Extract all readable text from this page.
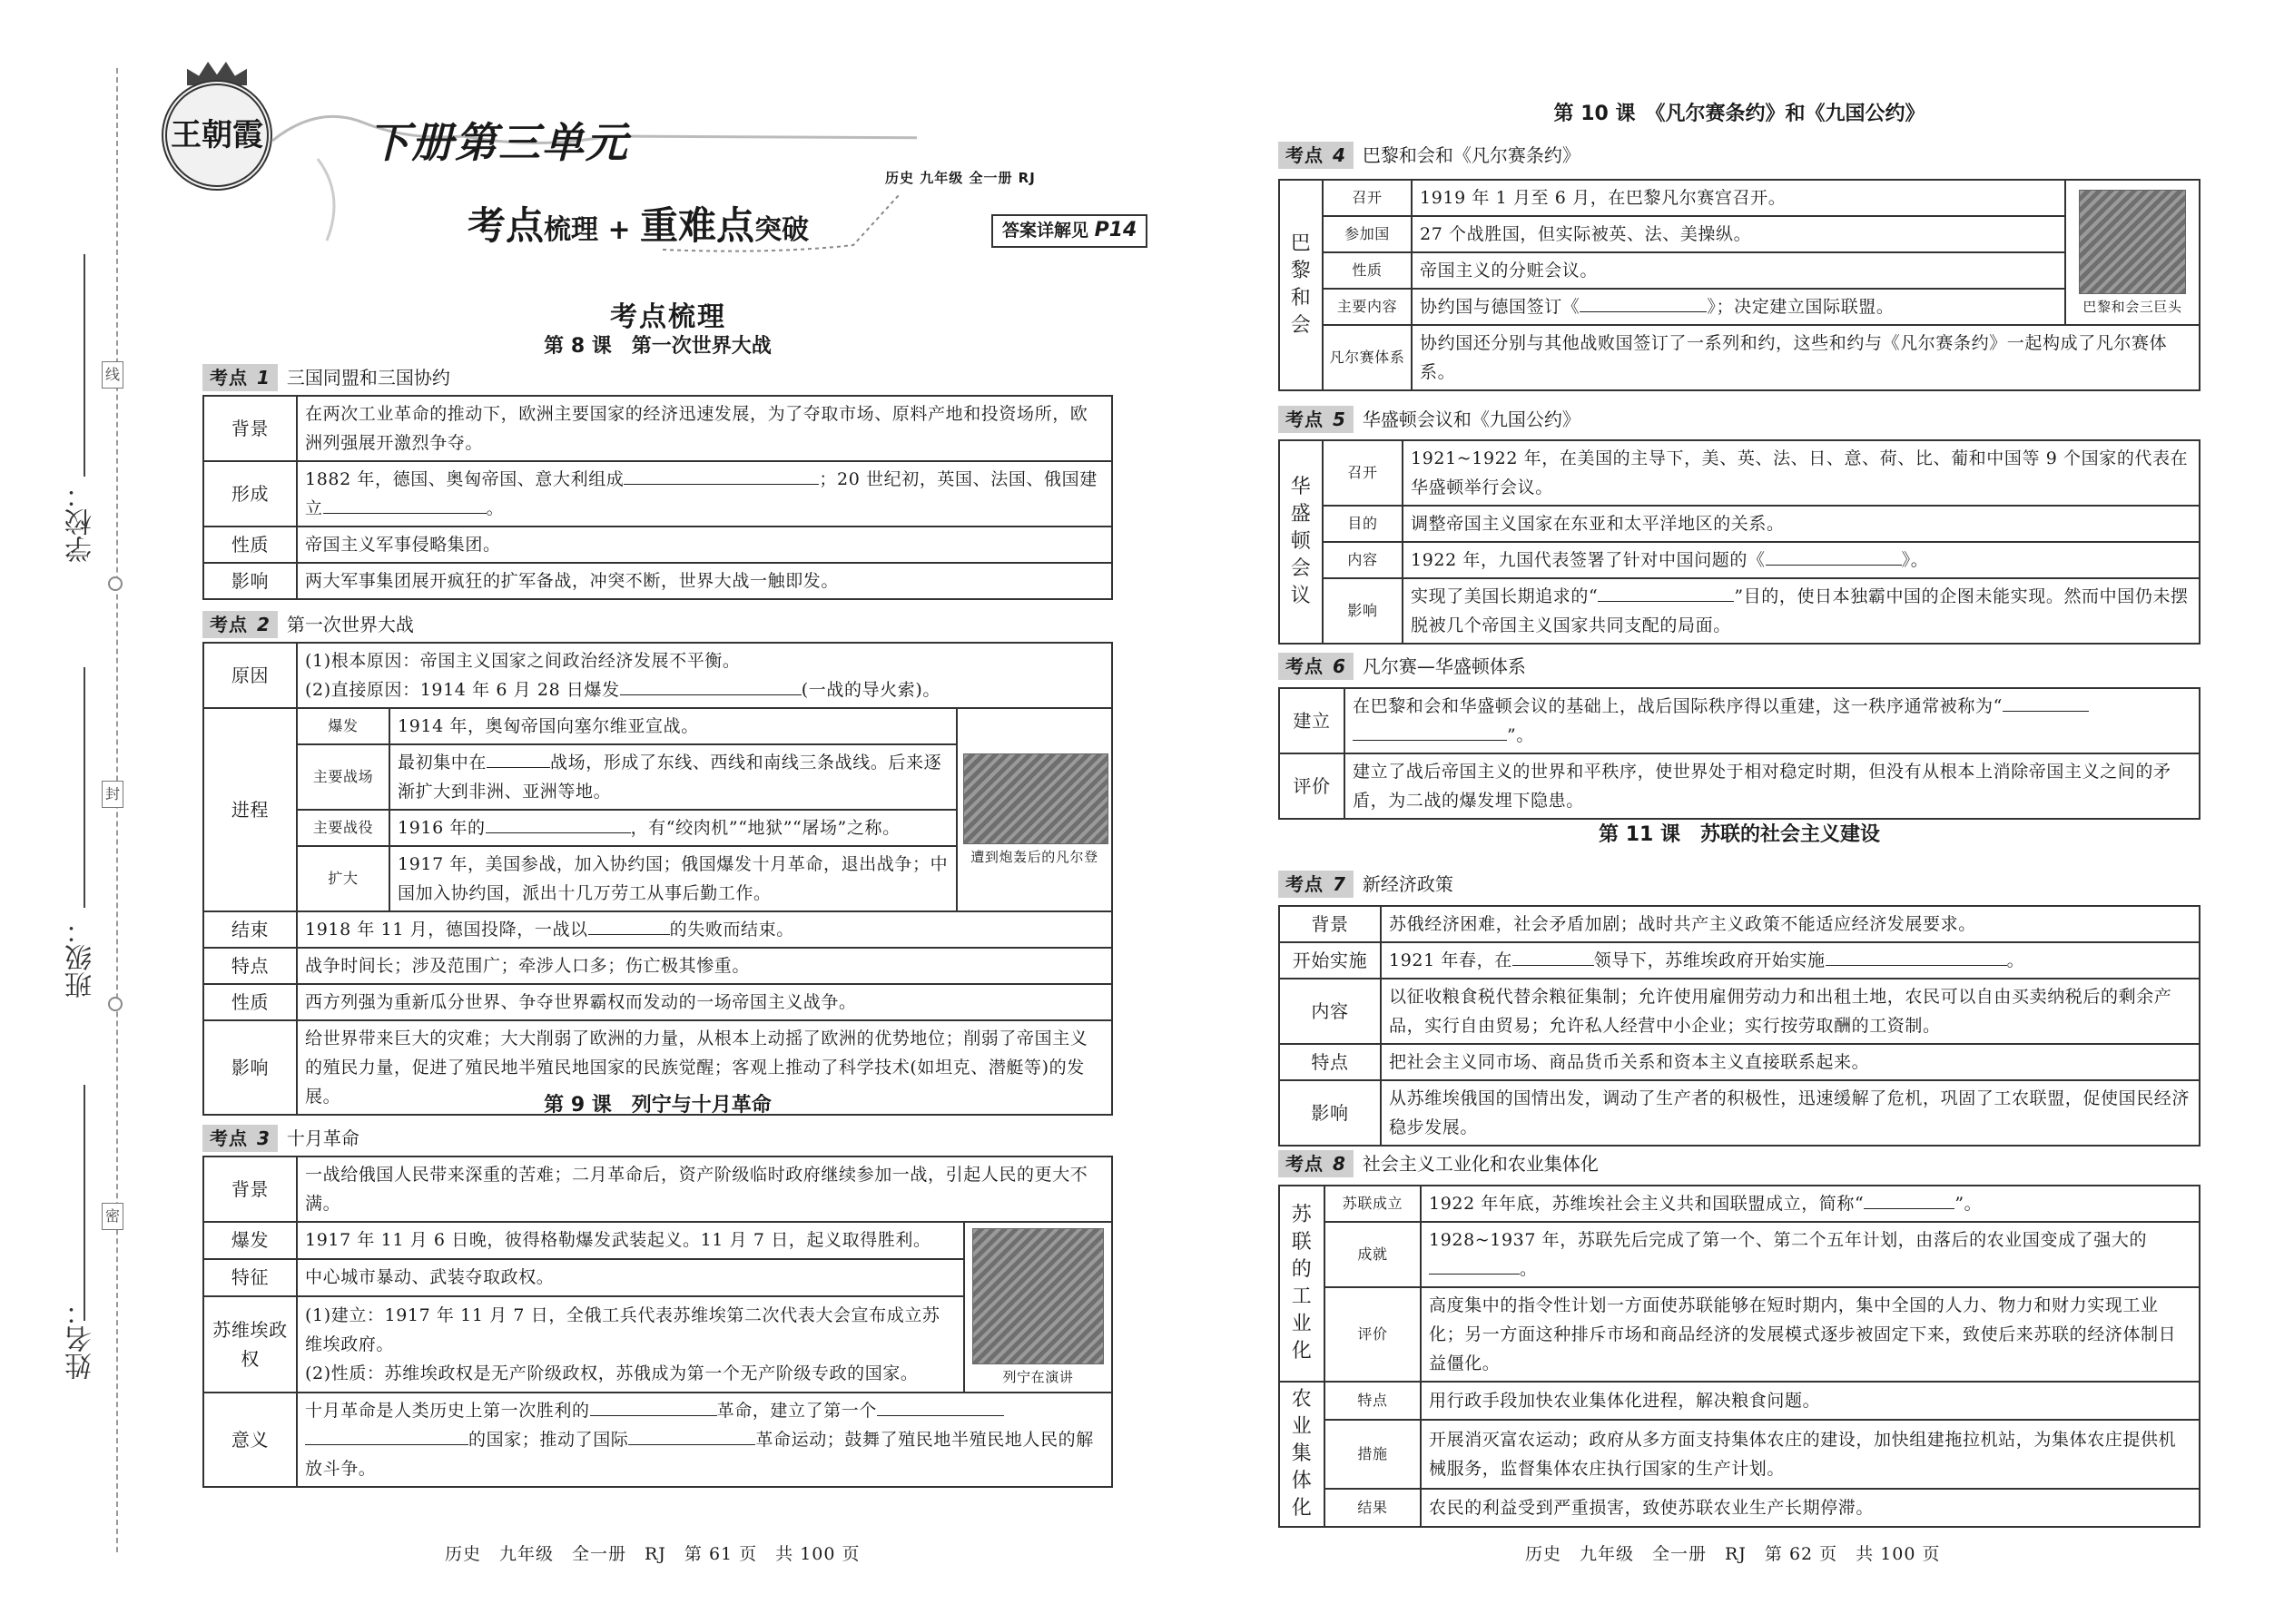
学校：
班级：
姓名：
线
封
密
王朝霞	下册第三单元
历史 九年级 全一册 RJ
考点梳理 + 重难点突破	答案详解见 P14
考点梳理
第 8 课　第一次世界大战
考点 1 三国同盟和三国协约
背景	在两次工业革命的推动下，欧洲主要国家的经济迅速发展，为了夺取市场、原料产地和投资场所，欧洲列强展开激烈争夺。
形成	1882 年，德国、奥匈帝国、意大利组成 ；20 世纪初，英国、法国、俄国建立 。
性质	帝国主义军事侵略集团。
影响	两大军事集团展开疯狂的扩军备战，冲突不断，世界大战一触即发。
考点 2 第一次世界大战
原因	(1)根本原因：帝国主义国家之间政治经济发展不平衡。
(2)直接原因：1914 年 6 月 28 日爆发 (一战的导火索)。		

进程	爆发	1914 年，奥匈帝国向塞尔维亚宣战。	遭到炮轰后的凡尔登

	主要战场	最初集中在 战场，形成了东线、西线和南线三条战线。后来逐渐扩大到非洲、亚洲等地。	
	主要战役	1916 年的 ，有“绞肉机”“地狱”“屠场”之称。	
	扩大	1917 年，美国参战，加入协约国；俄国爆发十月革命，退出战争；中国加入协约国，派出十几万劳工从事后勤工作。	
结束	1918 年 11 月，德国投降，一战以 的失败而结束。		
特点	战争时间长；涉及范围广；牵涉人口多；伤亡极其惨重。		
性质	西方列强为重新瓜分世界、争夺世界霸权而发动的一场帝国主义战争。		
影响	给世界带来巨大的灾难；大大削弱了欧洲的力量，从根本上动摇了欧洲的优势地位；削弱了帝国主义的殖民力量，促进了殖民地半殖民地国家的民族觉醒；客观上推动了科学技术(如坦克、潜艇等)的发展。			第 9 课　列宁与十月革命
考点 3 十月革命
背景	一战给俄国人民带来深重的苦难；二月革命后，资产阶级临时政府继续参加一战，引起人民的更大不满。	
爆发	1917 年 11 月 6 日晚，彼得格勒爆发武装起义。11 月 7 日，起义取得胜利。	列宁在演讲

特征	中心城市暴动、武装夺取政权。	
苏维埃政权	(1)建立：1917 年 11 月 7 日，全俄工兵代表苏维埃第二次代表大会宣布成立苏维埃政府。
(2)性质：苏维埃政权是无产阶级政权，苏俄成为第一个无产阶级专政的国家。	

意义	十月革命是人类历史上第一次胜利的 革命，建立了第一个
的国家；推动了国际 革命运动；鼓舞了殖民地半殖民地人民的解放斗争。	
历史　九年级　全一册　RJ　第 61 页　共 100 页
第 10 课　《凡尔赛条约》和《九国公约》
考点 4 巴黎和会和《凡尔赛条约》
巴黎和会	召开	1919 年 1 月至 6 月，在巴黎凡尔赛宫召开。	巴黎和会三巨头

	参加国	27 个战胜国，但实际被英、法、美操纵。	
	性质	帝国主义的分赃会议。	
	主要内容	协约国与德国签订《 》；决定建立国际联盟。	
	凡尔赛体系	协约国还分别与其他战败国签订了一系列和约，这些和约与《凡尔赛条约》一起构成了凡尔赛体系。	
考点 5 华盛顿会议和《九国公约》
华盛顿会议	召开	1921~1922 年，在美国的主导下，美、英、法、日、意、荷、比、葡和中国等 9 个国家的代表在华盛顿举行会议。
	目的	调整帝国主义国家在东亚和太平洋地区的关系。
	内容	1922 年，九国代表签署了针对中国问题的《 》。
	影响	实现了美国长期追求的“ ”目的，使日本独霸中国的企图未能实现。然而中国仍未摆脱被几个帝国主义国家共同支配的局面。
考点 6 凡尔赛—华盛顿体系
建立	在巴黎和会和华盛顿会议的基础上，战后国际秩序得以重建，这一秩序通常被称为“
”。
评价	建立了战后帝国主义的世界和平秩序，使世界处于相对稳定时期，但没有从根本上消除帝国主义之间的矛盾，为二战的爆发埋下隐患。
第 11 课　苏联的社会主义建设
考点 7 新经济政策
背景	苏俄经济困难，社会矛盾加剧；战时共产主义政策不能适应经济发展要求。
开始实施	1921 年春，在 领导下，苏维埃政府开始实施 。
内容	以征收粮食税代替余粮征集制；允许使用雇佣劳动力和出租土地，农民可以自由买卖纳税后的剩余产品，实行自由贸易；允许私人经营中小企业；实行按劳取酬的工资制。
特点	把社会主义同市场、商品货币关系和资本主义直接联系起来。
影响	从苏维埃俄国的国情出发，调动了生产者的积极性，迅速缓解了危机，巩固了工农联盟，促使国民经济稳步发展。
考点 8 社会主义工业化和农业集体化
苏联的工业化	苏联成立	1922 年年底，苏维埃社会主义共和国联盟成立，简称“ ”。
	成就	1928~1937 年，苏联先后完成了第一个、第二个五年计划，由落后的农业国变成了强大的。
	评价	高度集中的指令性计划一方面使苏联能够在短时期内，集中全国的人力、物力和财力实现工业化；另一方面这种排斥市场和商品经济的发展模式逐步被固定下来，致使后来苏联的经济体制日益僵化。
农业集体化	特点	用行政手段加快农业集体化进程，解决粮食问题。
	措施	开展消灭富农运动；政府从多方面支持集体农庄的建设，加快组建拖拉机站，为集体农庄提供机械服务，监督集体农庄执行国家的生产计划。
	结果	农民的利益受到严重损害，致使苏联农业生产长期停滞。
历史　九年级　全一册　RJ　第 62 页　共 100 页
